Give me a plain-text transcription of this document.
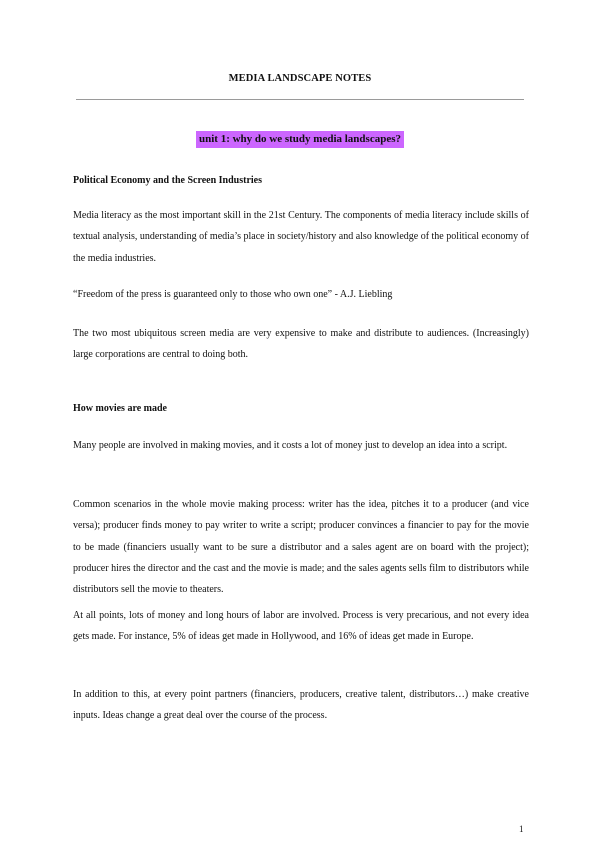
MEDIA LANDSCAPE NOTES
unit 1: why do we study media landscapes?
Political Economy and the Screen Industries
Media literacy as the most important skill in the 21st Century. The components of media literacy include skills of textual analysis, understanding of media’s place in society/history and also knowledge of the political economy of the media industries.
“Freedom of the press is guaranteed only to those who own one” - A.J. Liebling
The two most ubiquitous screen media are very expensive to make and distribute to audiences. (Increasingly) large corporations are central to doing both.
How movies are made
Many people are involved in making movies, and it costs a lot of money just to develop an idea into a script.
Common scenarios in the whole movie making process: writer has the idea, pitches it to a producer (and vice versa); producer finds money to pay writer to write a script; producer convinces a financier to pay for the movie to be made (financiers usually want to be sure a distributor and a sales agent are on board with the project); producer hires the director and the cast and the movie is made; and the sales agents sells film to distributors while distributors sell the movie to theaters.
At all points, lots of money and long hours of labor are involved. Process is very precarious, and not every idea gets made. For instance, 5% of ideas get made in Hollywood, and 16% of ideas get made in Europe.
In addition to this, at every point partners (financiers, producers, creative talent, distributors…) make creative inputs. Ideas change a great deal over the course of the process.
1
